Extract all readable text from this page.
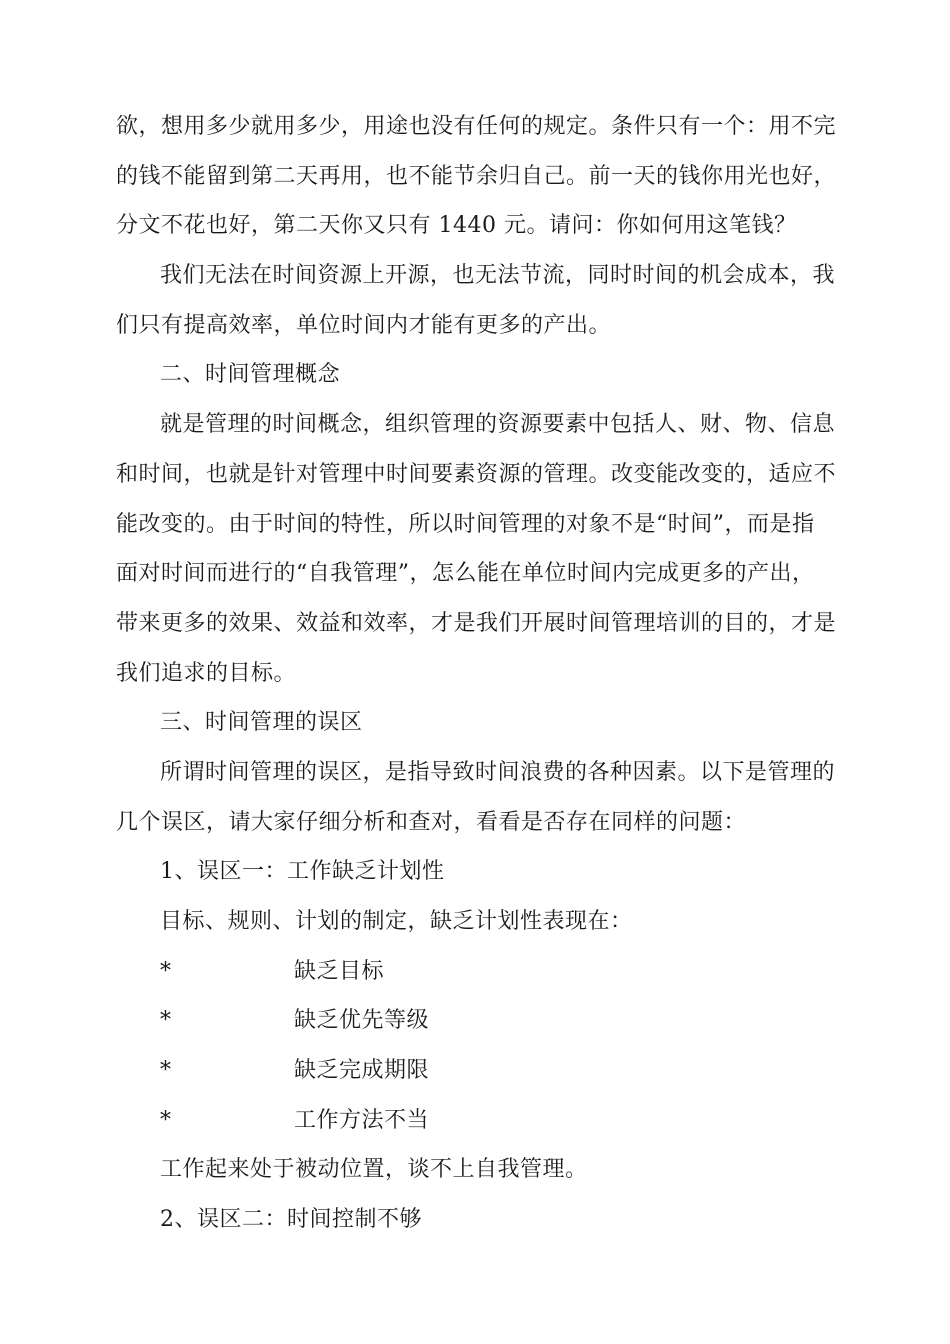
欲，想用多少就用多少，用途也没有任何的规定。条件只有一个：用不完
的钱不能留到第二天再用，也不能节余归自己。前一天的钱你用光也好，
分文不花也好，第二天你又只有 1440 元。请问：你如何用这笔钱？
我们无法在时间资源上开源，也无法节流，同时时间的机会成本，我
们只有提高效率，单位时间内才能有更多的产出。
二、时间管理概念
就是管理的时间概念，组织管理的资源要素中包括人、财、物、信息
和时间，也就是针对管理中时间要素资源的管理。改变能改变的，适应不
能改变的。由于时间的特性，所以时间管理的对象不是“时间”，而是指
面对时间而进行的“自我管理”，怎么能在单位时间内完成更多的产出，
带来更多的效果、效益和效率，才是我们开展时间管理培训的目的，才是
我们追求的目标。
三、时间管理的误区
所谓时间管理的误区，是指导致时间浪费的各种因素。以下是管理的
几个误区，请大家仔细分析和查对，看看是否存在同样的问题：
1、误区一：工作缺乏计划性
目标、规则、计划的制定，缺乏计划性表现在：
*	缺乏目标
*	缺乏优先等级
*	缺乏完成期限
*	工作方法不当
工作起来处于被动位置，谈不上自我管理。
2、误区二：时间控制不够
